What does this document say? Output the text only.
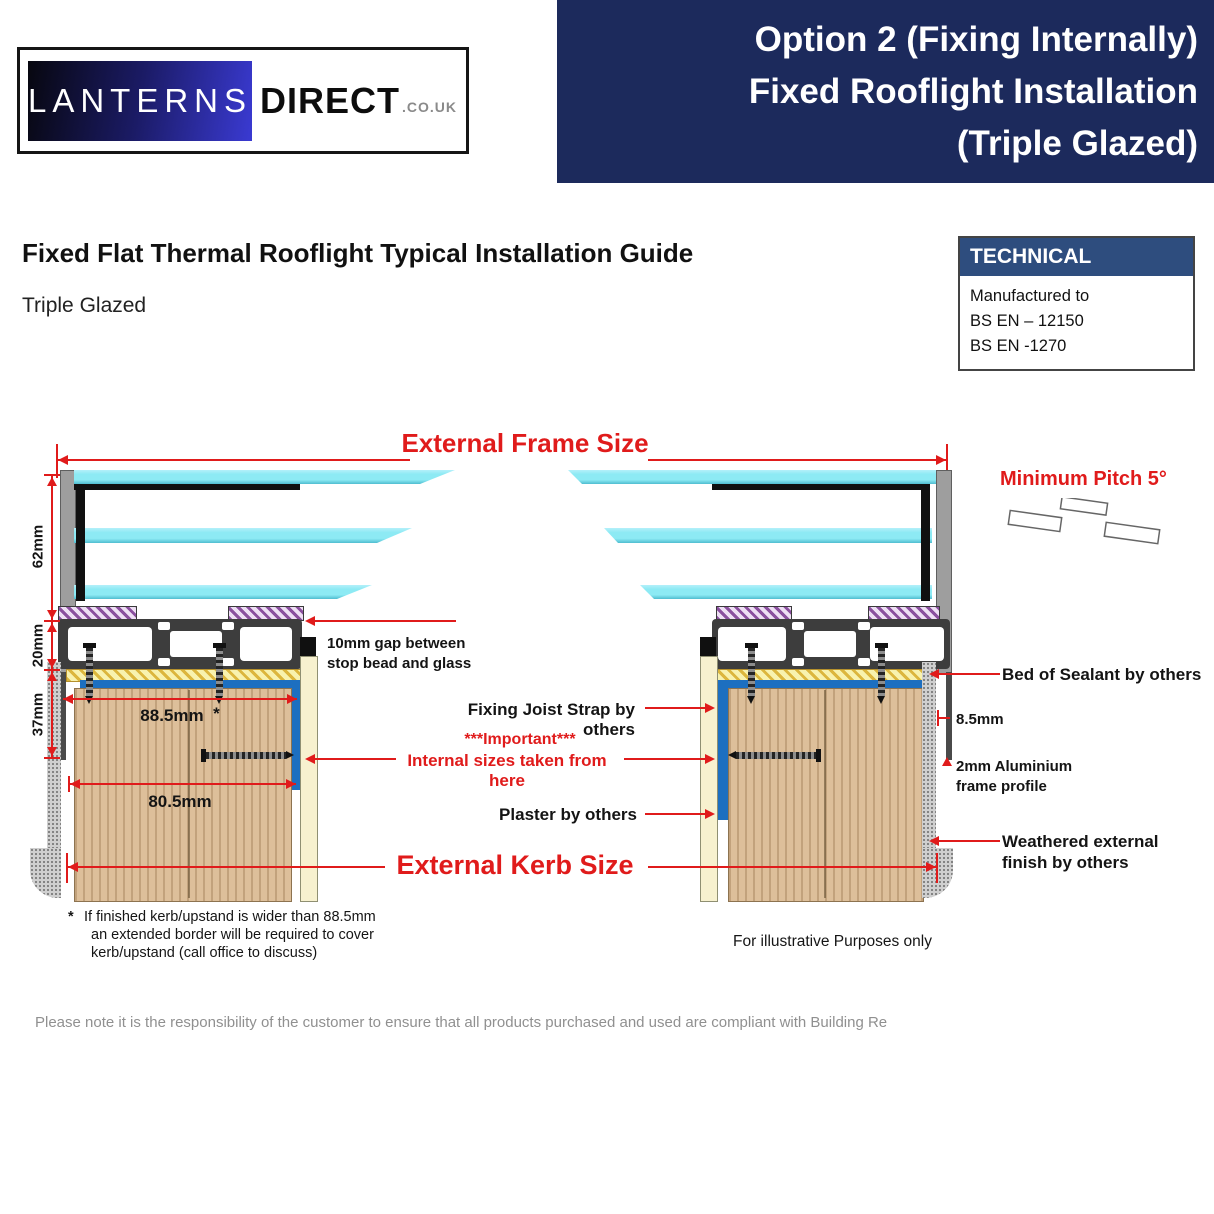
LANTERNS DIRECT .CO.UK
Option 2 (Fixing Internally)
Fixed Rooflight Installation
(Triple Glazed)
Fixed Flat Thermal Rooflight Typical Installation Guide
Triple Glazed
TECHNICAL
Manufactured to
BS EN – 12150
BS EN -1270
External Frame Size
62mm
20mm
37mm	88.5mm *
80.5mm
10mm gap between
stop bead and glass
Fixing Joist Strap by others
***Important***
Internal sizes taken from here
Plaster by others
External Kerb Size
Minimum Pitch 5°
Bed of Sealant by others
8.5mm
2mm Aluminium
frame profile
Weathered external
finish by others
* If finished kerb/upstand is wider than 88.5mm
an extended border will be required to cover
kerb/upstand (call office to discuss)
For illustrative Purposes only
Please note it is the responsibility of the customer to ensure that all products purchased and used are compliant with Building Re
